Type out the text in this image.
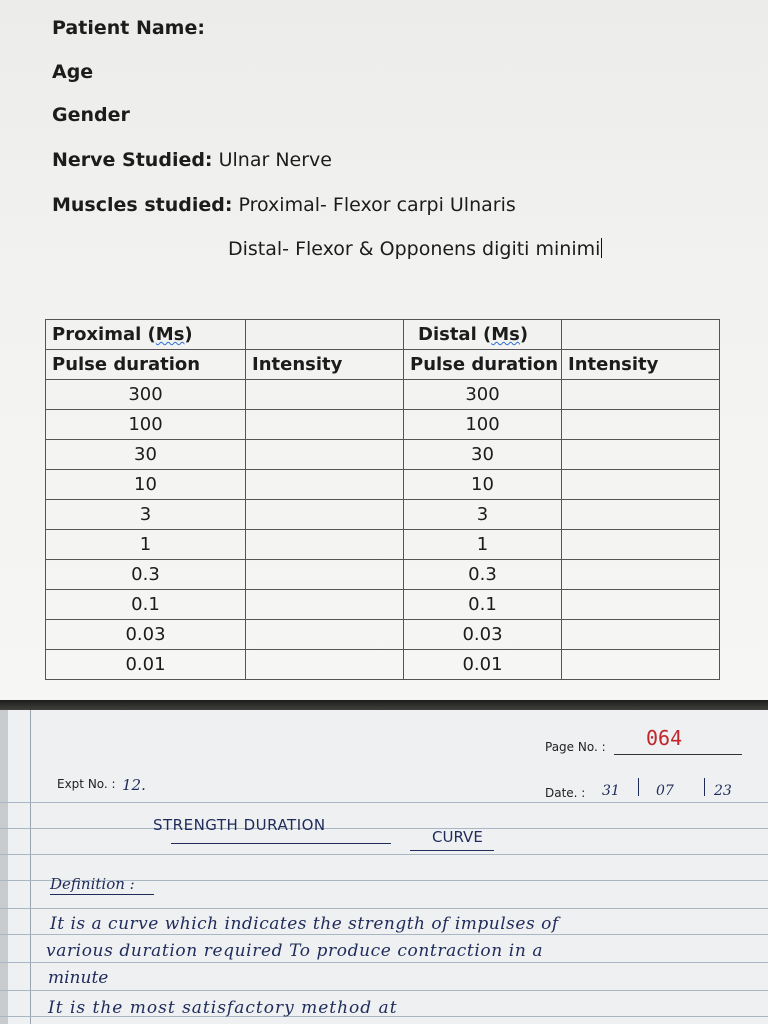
Patient Name:
Age
Gender
Nerve Studied: Ulnar Nerve
Muscles studied: Proximal- Flexor carpi Ulnaris
Distal- Flexor & Opponens digiti minimi
Proximal (Ms)		Distal (Ms)	
Pulse duration	Intensity	Pulse duration	Intensity
300		300	
100		100	
30		30	
10		10	
3		3	
1		1	
0.3		0.3	
0.1		0.1	
0.03		0.03	
0.01		0.01	
Page No. : 064
Expt No. : 12.	Date. : 31	07	23
STRENGTH DURATION
CURVE
Definition :
It is a curve which indicates the strength of impulses of
various duration required To produce contraction in a
minute
It is the most satisfactory method at
